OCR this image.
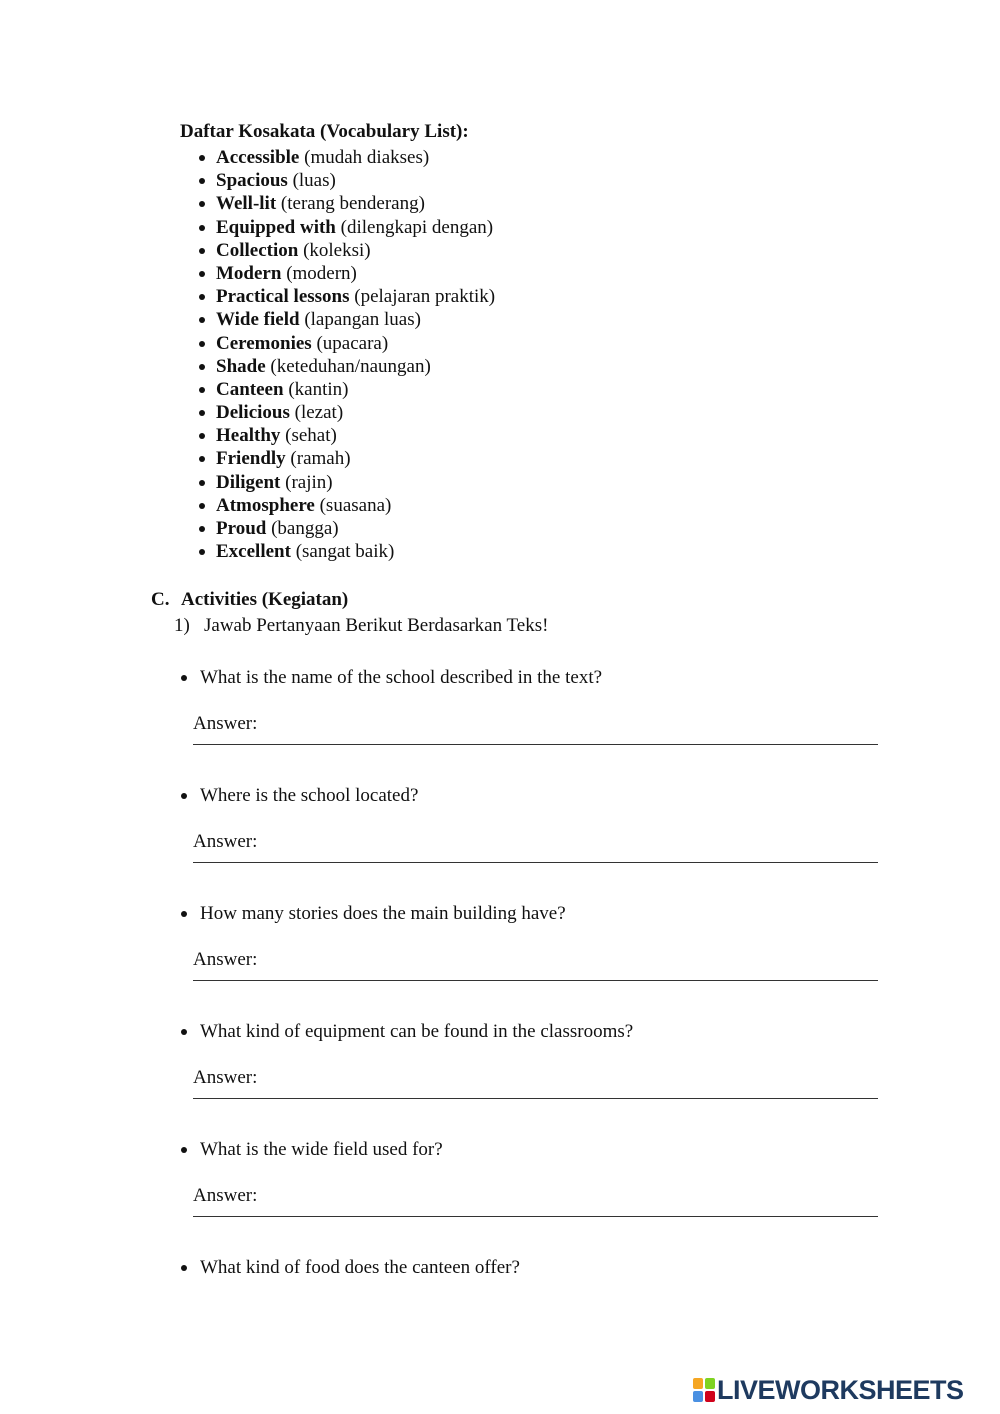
Daftar Kosakata (Vocabulary List):
Accessible (mudah diakses)
Spacious (luas)
Well-lit (terang benderang)
Equipped with (dilengkapi dengan)
Collection (koleksi)
Modern (modern)
Practical lessons (pelajaran praktik)
Wide field (lapangan luas)
Ceremonies (upacara)
Shade (keteduhan/naungan)
Canteen (kantin)
Delicious (lezat)
Healthy (sehat)
Friendly (ramah)
Diligent (rajin)
Atmosphere (suasana)
Proud (bangga)
Excellent (sangat baik)
C. Activities (Kegiatan)
1) Jawab Pertanyaan Berikut Berdasarkan Teks!
What is the name of the school described in the text?
Answer:
Where is the school located?
Answer:
How many stories does the main building have?
Answer:
What kind of equipment can be found in the classrooms?
Answer:
What is the wide field used for?
Answer:
What kind of food does the canteen offer?
LIVEWORKSHEETS
